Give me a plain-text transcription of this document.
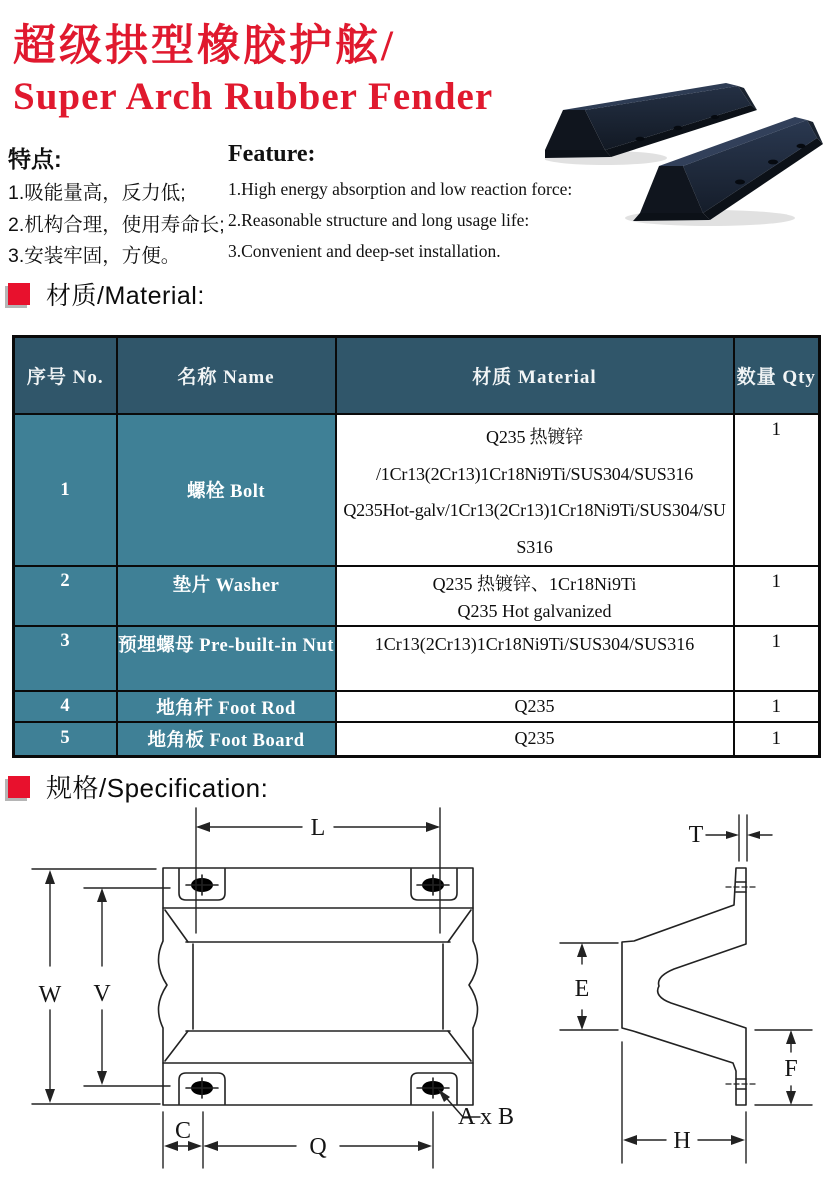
超级拱型橡胶护舷/
Super Arch Rubber Fender
特点:
1.吸能量高，反力低;
2.机构合理，使用寿命长;
3.安装牢固，方便。
Feature:
1.High energy absorption and low reaction force:
2.Reasonable structure and long usage life:
3.Convenient and deep-set installation.
材质/Material:
序号 No.	名称 Name	材质 Material	数量 Qty
1	螺栓 Bolt	Q235 热镀锌
/1Cr13(2Cr13)1Cr18Ni9Ti/SUS304/SUS316
Q235Hot-galv/1Cr13(2Cr13)1Cr18Ni9Ti/SUS304/SU
S316	1
2	垫片 Washer	Q235 热镀锌、1Cr18Ni9Ti
Q235 Hot galvanized	1
3	预埋螺母 Pre-built-in Nut	1Cr13(2Cr13)1Cr18Ni9Ti/SUS304/SUS316	1
4	地角杆 Foot Rod	Q235	1
5	地角板 Foot Board	Q235	1
规格/Specification:
L
W V
C
Q
A x B
T
E
F
H
